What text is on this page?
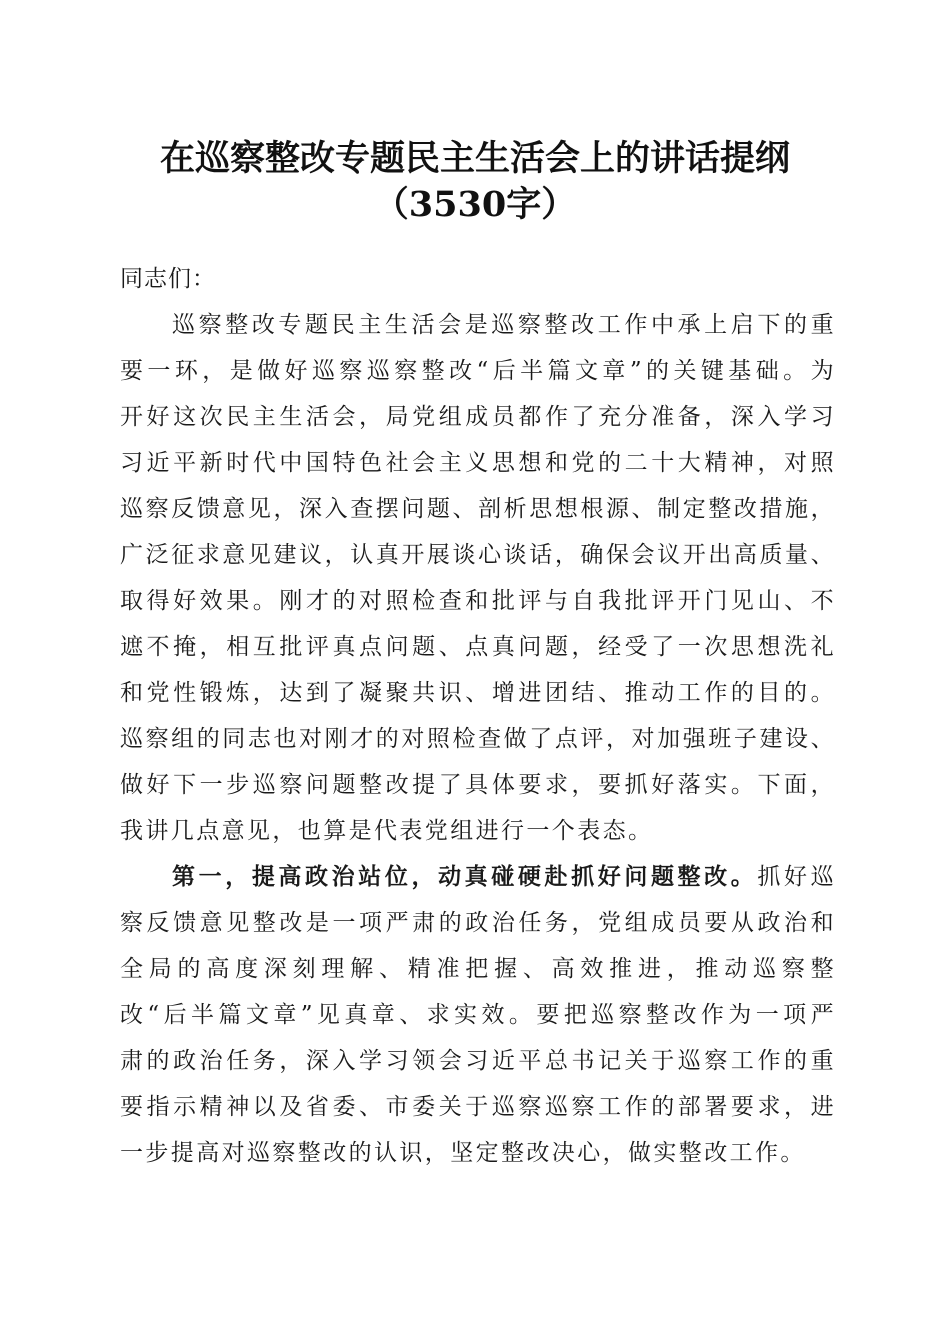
在巡察整改专题民主生活会上的讲话提纲
（3530字）
同志们：
巡察整改专题民主生活会是巡察整改工作中承上启下的重
要一环，是做好巡察巡察整改“后半篇文章”的关键基础。为
开好这次民主生活会，局党组成员都作了充分准备，深入学习
习近平新时代中国特色社会主义思想和党的二十大精神，对照
巡察反馈意见，深入查摆问题、剖析思想根源、制定整改措施，
广泛征求意见建议，认真开展谈心谈话，确保会议开出高质量、
取得好效果。刚才的对照检查和批评与自我批评开门见山、不
遮不掩，相互批评真点问题、点真问题，经受了一次思想洗礼
和党性锻炼，达到了凝聚共识、增进团结、推动工作的目的。
巡察组的同志也对刚才的对照检查做了点评，对加强班子建设、
做好下一步巡察问题整改提了具体要求，要抓好落实。下面，
我讲几点意见，也算是代表党组进行一个表态。
第一，提高政治站位，动真碰硬赴抓好问题整改。抓好巡
察反馈意见整改是一项严肃的政治任务，党组成员要从政治和
全局的高度深刻理解、精准把握、高效推进，推动巡察整
改“后半篇文章”见真章、求实效。要把巡察整改作为一项严
肃的政治任务，深入学习领会习近平总书记关于巡察工作的重
要指示精神以及省委、市委关于巡察巡察工作的部署要求，进
一步提高对巡察整改的认识，坚定整改决心，做实整改工作。
